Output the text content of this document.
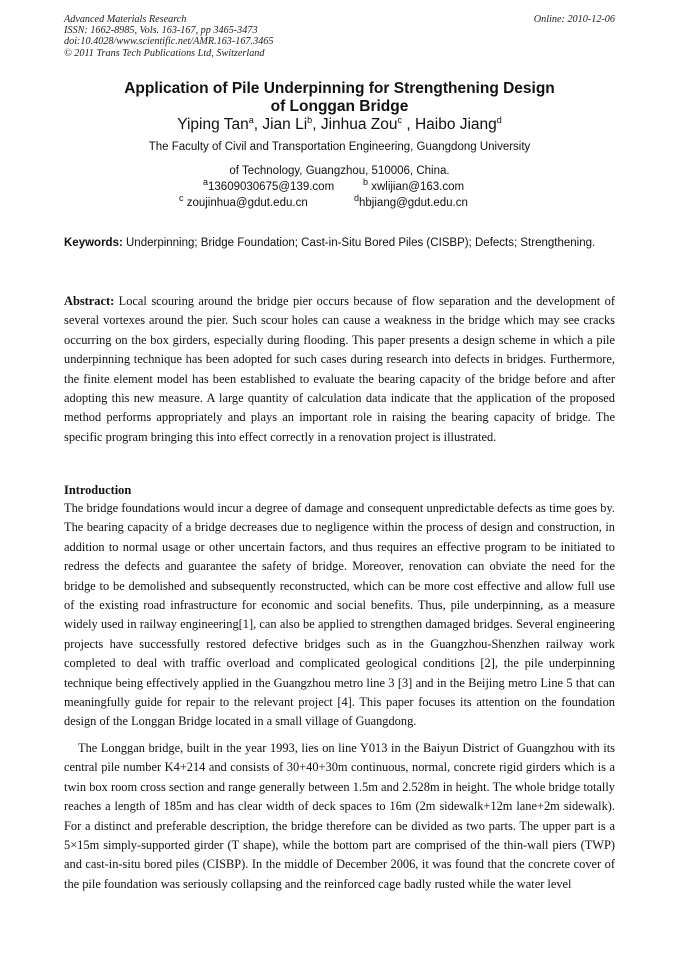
Advanced Materials Research
ISSN: 1662-8985, Vols. 163-167, pp 3465-3473
doi:10.4028/www.scientific.net/AMR.163-167.3465
© 2011 Trans Tech Publications Ltd, Switzerland
Online: 2010-12-06
Application of Pile Underpinning for Strengthening Design
of Longgan Bridge
Yiping Tan$^a$, Jian Li$^b$, Jinhua Zou$^c$ , Haibo Jiang$^d$
The Faculty of Civil and Transportation Engineering, Guangdong University
of Technology, Guangzhou, 510006, China.
$^a$13609030675@139.com	$^b$ xwlijian@163.com
$^c$ zoujinhua@gdut.edu.cn	$^d$hbjiang@gdut.edu.cn
Keywords: Underpinning; Bridge Foundation; Cast-in-Situ Bored Piles (CISBP); Defects; Strengthening.
Abstract: Local scouring around the bridge pier occurs because of flow separation and the development of several vortexes around the pier. Such scour holes can cause a weakness in the bridge which may see cracks occurring on the box girders, especially during flooding. This paper presents a design scheme in which a pile underpinning technique has been adopted for such cases during research into defects in bridges. Furthermore, the finite element model has been established to evaluate the bearing capacity of the bridge before and after adopting this new measure. A large quantity of calculation data indicate that the application of the proposed method performs appropriately and plays an important role in raising the bearing capacity of bridge. The specific program bringing this into effect correctly in a renovation project is illustrated.
Introduction

The bridge foundations would incur a degree of damage and consequent unpredictable defects as time goes by. The bearing capacity of a bridge decreases due to negligence within the process of design and construction, in addition to normal usage or other uncertain factors, and thus requires an effective program to be initiated to redress the defects and guarantee the safety of bridge. Moreover, renovation can obviate the need for the bridge to be demolished and subsequently reconstructed, which can be more cost effective and allow full use of the existing road infrastructure for economic and social benefits. Thus, pile underpinning, as a measure widely used in railway engineering[1], can also be applied to strengthen damaged bridges. Several engineering projects have successfully restored defective bridges such as in the Guangzhou-Shenzhen railway work completed to deal with traffic overload and complicated geological conditions [2], the pile underpinning technique being effectively applied in the Guangzhou metro line 3 [3] and in the Beijing metro Line 5 that can meaningfully guide for repair to the relevant project [4]. This paper focuses its attention on the foundation design of the Longgan Bridge located in a small village of Guangdong.

The Longgan bridge, built in the year 1993, lies on line Y013 in the Baiyun District of Guangzhou with its central pile number K4+214 and consists of 30+40+30m continuous, normal, concrete rigid girders which is a twin box room cross section and range generally between 1.5m and 2.528m in height. The whole bridge totally reaches a length of 185m and has clear width of deck spaces to 16m (2m sidewalk+12m lane+2m sidewalk). For a distinct and preferable description, the bridge therefore can be divided as two parts. The upper part is a 5×15m simply-supported girder (T shape), while the bottom part are comprised of the thin-wall piers (TWP) and cast-in-situ bored piles (CISBP). In the middle of December 2006, it was found that the concrete cover of the pile foundation was seriously collapsing and the reinforced cage badly rusted while the water level
